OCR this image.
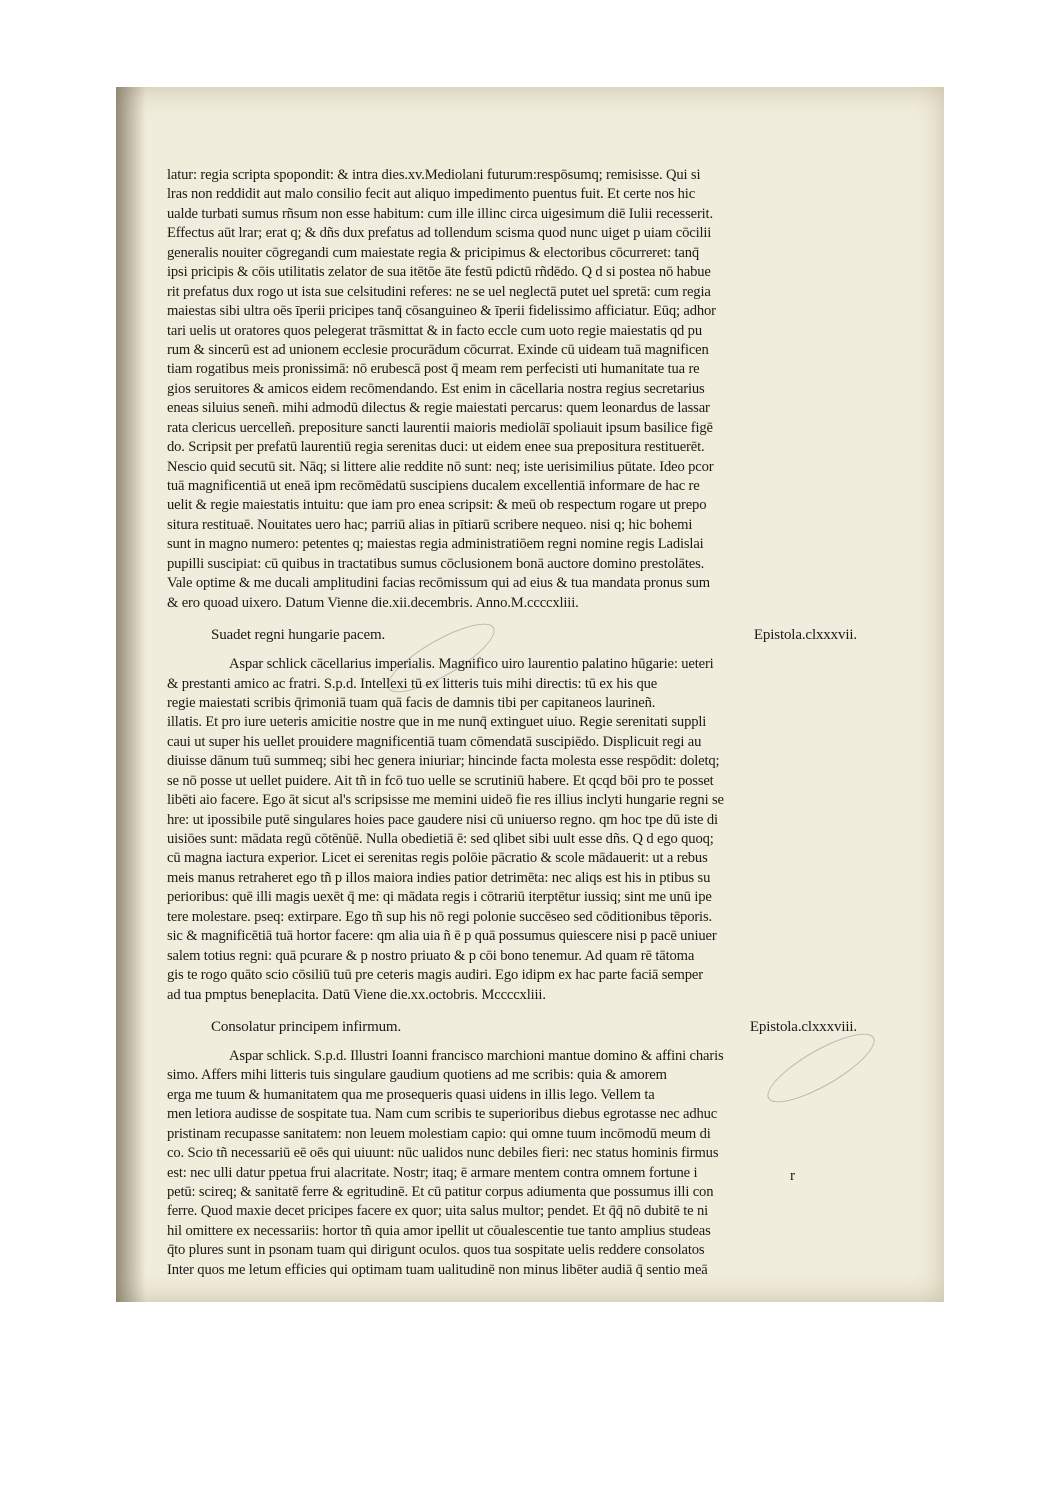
latur: regia scripta spopondit: & intra dies.xv.Mediolani futurum:respōsumq; remisisse. Qui si
lras non reddidit aut malo consilio fecit aut aliquo impedimento puentus fuit. Et certe nos hic
ualde turbati sumus rñsum non esse habitum: cum ille illinc circa uigesimum diē Iulii recesserit.
Effectus aūt lrar; erat q; & dñs dux prefatus ad tollendum scisma quod nunc uiget p uiam cōcilii
generalis nouiter cōgregandi cum maiestate regia & pricipimus & electoribus cōcurreret: tanq̄
ipsi pricipis & cōis utilitatis zelator de sua itētōe āte festū pdictū rñdēdo. Q d si postea nō habue
rit prefatus dux rogo ut ista sue celsitudini referes: ne se uel neglectā putet uel spretā: cum regia
maiestas sibi ultra oēs īperii pricipes tanq̄ cōsanguineo & īperii fidelissimo afficiatur. Eūq; adhor
tari uelis ut oratores quos pelegerat trāsmittat & in facto eccle cum uoto regie maiestatis qd pu
rum & sincerū est ad unionem ecclesie procurādum cōcurrat. Exinde cū uideam tuā magnificen
tiam rogatibus meis pronissimā: nō erubescā post q̄ meam rem perfecisti uti humanitate tua re
gios seruitores & amicos eidem recōmendando. Est enim in cācellaria nostra regius secretarius
eneas siluius seneñ. mihi admodū dilectus & regie maiestati percarus: quem leonardus de lassar
rata clericus uercelleñ. prepositure sancti laurentii maioris mediolāī spoliauit ipsum basilice figē
do. Scripsit per prefatū laurentiū regia serenitas duci: ut eidem enee sua prepositura restituerēt.
Nescio quid secutū sit. Nāq; si littere alie reddite nō sunt: neq; iste uerisimilius pūtate. Ideo pcor
tuā magnificentiā ut eneā ipm recōmēdatū suscipiens ducalem excellentiā informare de hac re
uelit & regie maiestatis intuitu: que iam pro enea scripsit: & meū ob respectum rogare ut prepo
situra restituaē. Nouitates uero hac; parriū alias in pītiarū scribere nequeo. nisi q; hic bohemi
sunt in magno numero: petentes q; maiestas regia administratiōem regni nomine regis Ladislai
pupilli suscipiat: cū quibus in tractatibus sumus cōclusionem bonā auctore domino prestolātes.
Vale optime & me ducali amplitudini facias recōmissum qui ad eius & tua mandata pronus sum
& ero quoad uixero. Datum Vienne die.xii.decembris. Anno.M.ccccxliii.
Suadet regni hungarie pacem.	Epistola.clxxxvii.
Aspar schlick cācellarius imperialis. Magnifico uiro laurentio palatino hūgarie: ueteri
& prestanti amico ac fratri. S.p.d. Intellexi tū ex litteris tuis mihi directis: tū ex his que
regie maiestati scribis q̄rimoniā tuam quā facis de damnis tibi per capitaneos laurineñ.
illatis. Et pro iure ueteris amicitie nostre que in me nunq̄ extinguet uiuo. Regie serenitati suppli
caui ut super his uellet prouidere magnificentiā tuam cōmendatā suscipiēdo. Displicuit regi au
diuisse dānum tuū summeq; sibi hec genera iniuriar; hincinde facta molesta esse respōdit: doletq;
se nō posse ut uellet puidere. Ait tñ in fcō tuo uelle se scrutiniū habere. Et qcqd bōi pro te posset
libēti aio facere. Ego āt sicut al's scripsisse me memini uideō fie res illius inclyti hungarie regni se
hre: ut ipossibile putē singulares hoies pace gaudere nisi cū uniuerso regno. qm hoc tpe dū iste di
uisiōes sunt: mādata regū cōtēnūē. Nulla obedietiā ē: sed qlibet sibi uult esse dñs. Q d ego quoq;
cū magna iactura experior. Licet ei serenitas regis polōie pācratio & scole mādauerit: ut a rebus
meis manus retraheret ego tñ p illos maiora indies patior detrimēta: nec aliqs est his in ptibus su
perioribus: quē illi magis uexēt q̄ me: qi mādata regis i cōtrariū iterptētur iussiq; sint me unū ipe
tere molestare. pseq: extirpare. Ego tñ sup his nō regi polonie succēseo sed cōditionibus tēporis.
sic & magnificētiā tuā hortor facere: qm alia uia ñ ē p quā possumus quiescere nisi p pacē uniuer
salem totius regni: quā pcurare & p nostro priuato & p cōi bono tenemur. Ad quam rē tātoma
gis te rogo quāto scio cōsiliū tuū pre ceteris magis audiri. Ego idipm ex hac parte faciā semper
ad tua pmptus beneplacita. Datū Viene die.xx.octobris. Mccccxliii.
Consolatur principem infirmum.	Epistola.clxxxviii.
Aspar schlick. S.p.d. Illustri Ioanni francisco marchioni mantue domino & affini charis
simo. Affers mihi litteris tuis singulare gaudium quotiens ad me scribis: quia & amorem
erga me tuum & humanitatem qua me prosequeris quasi uidens in illis lego. Vellem ta
men letiora audisse de sospitate tua. Nam cum scribis te superioribus diebus egrotasse nec adhuc
pristinam recupasse sanitatem: non leuem molestiam capio: qui omne tuum incōmodū meum di
co. Scio tñ necessariū eē oēs qui uiuunt: nūc ualidos nunc debiles fieri: nec status hominis firmus
est: nec ulli datur ppetua frui alacritate. Nostr; itaq; ē armare mentem contra omnem fortune i
petū: scireq; & sanitatē ferre & egritudinē. Et cū patitur corpus adiumenta que possumus illi con
ferre. Quod maxie decet pricipes facere ex quor; uita salus multor; pendet. Et q̄q̄ nō dubitē te ni
hil omittere ex necessariis: hortor tñ quia amor ipellit ut cōualescentie tue tanto amplius studeas
q̄to plures sunt in psonam tuam qui dirigunt oculos. quos tua sospitate uelis reddere consolatos
Inter quos me letum efficies qui optimam tuam ualitudinē non minus libēter audiā q̄ sentio meā
r
